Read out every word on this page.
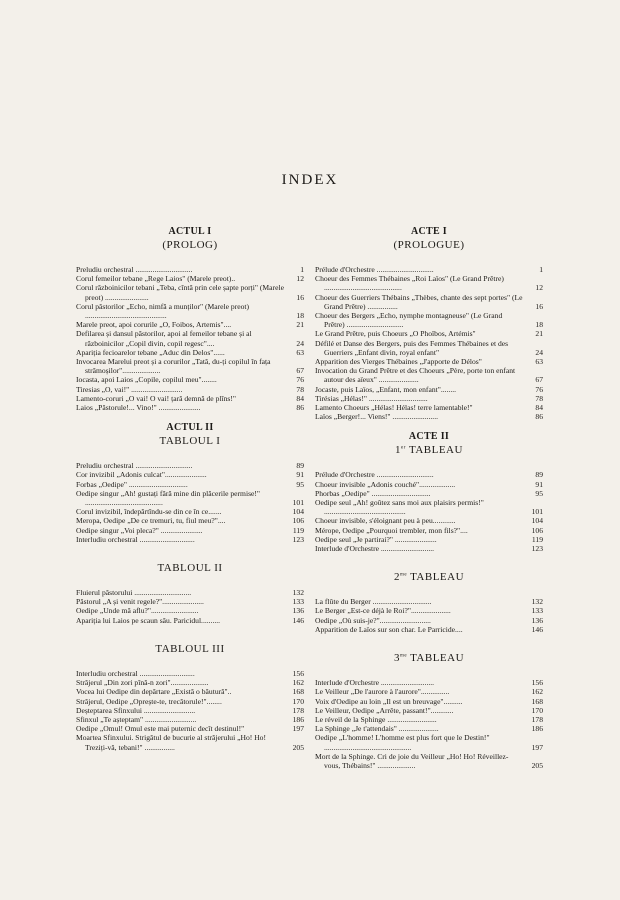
INDEX
ACTUL I
(PROLOG)
Preludiu orchestral ..............................	1
Corul femeilor tebane „Rege Laios" (Marele preot)..	12
Corul războinicilor tebani „Teba, cîntă prin cele șapte porți" (Marele preot) .......................	16
Corul păstorilor „Echo, nimfă a munților" (Marele preot) ...........................................	18
Marele preot, apoi corurile „O, Foibos, Artemis"....	21
Defilarea și dansul păstorilor, apoi al femeilor tebane și al războinicilor „Copil divin, copil regesc"....	24
Apariția fecioarelor tebane „Aduc din Delos"......	63
Invocarea Marelui preot și a corurilor „Tată, du-ți copilul în fața strămoșilor"....................	67
Iocasta, apoi Laios „Copile, copilul meu"........	76
Tiresias „O, vai!" ...........................	78
Lamento-coruri „O vai! O vai! țară demnă de plîns!"	84
Laios „Păstorule!... Vino!" ......................	86
ACTUL II
TABLOUL I
Preludiu orchestral ..............................	89
Cor invizibil „Adonis culcat"......................	91
Forbas „Oedipe" ...............................	95
Oedipe singur „Ah! gustați fără mine din plăcerile permise!" .........................................	101
Corul invizibil, îndepărtîndu-se din ce în ce.......	104
Meropa, Oedipe „De ce tremuri, tu, fiul meu?"....	106
Oedipe singur „Voi pleca?" ......................	119
Interludiu orchestral .............................	123
TABLOUL II
Fluierul păstorului ..............................	132
Păstorul „A și venit regele?"......................	133
Oedipe „Unde mă aflu?".........................	136
Apariția lui Laios pe scaun său. Paricidul..........	146
TABLOUL III
Interludiu orchestral .............................	156
Străjerul „Din zori pînă-n zori"....................	162
Vocea lui Oedipe din depărtare „Există o băutură"..	168
Străjerul, Oedipe „Oprește-te, trecătorule!"........	170
Deșteptarea Sfinxului ...........................	178
Sfinxul „Te așteptam" ...........................	186
Oedipe „Omul! Omul este mai puternic decît destinul!"	197
Moartea Sfinxului. Strigătul de bucurie al străjerului „Ho! Ho! Treziți-vă, tebani!" ................	205
ACTE I
(PROLOGUE)
Prélude d'Orchestre ..............................	1
Choeur des Femmes Thébaines „Roi Laïos" (Le Grand Prêtre) .........................................	12
Choeur des Guerriers Thébains „Thèbes, chante des sept portes" (Le Grand Prêtre) ................	16
Choeur des Bergers „Echo, nymphe montagneuse" (Le Grand Prêtre) ..............................	18
Le Grand Prêtre, puis Choeurs „O Phoïbos, Artémis"	21
Défilé et Danse des Bergers, puis des Femmes Thébaines et des Guerriers „Enfant divin, royal enfant"	24
Apparition des Vierges Thébaines „J'apporte de Délos"	63
Invocation du Grand Prêtre et des Choeurs „Père, porte ton enfant autour des aïeux" .....................	67
Jocaste, puis Laïos, „Enfant, mon enfant"........	76
Tirésias „Hélas!" ...............................	78
Lamento Choeurs „Hélas! Hélas! terre lamentable!"	84
Laïos „Berger!... Viens!" ........................	86
ACTE II
1er TABLEAU
Prélude d'Orchestre ..............................	89
Choeur invisible „Adonis couché"...................	91
Phorbas „Oedipe" ...............................	95
Oedipe seul „Ah! goûtez sans moi aux plaisirs permis!" ...........................................	101
Choeur invisible, s'éloignant peu à peu............	104
Mérope, Oedipe „Pourquoi trembler, mon fils?"....	106
Oedipe seul „Je partirai?" ......................	119
Interlude d'Orchestre ............................	123
$2^{me}$ TABLEAU
La flûte du Berger ...............................	132
Le Berger „Est-ce déjà le Roi?".....................	133
Oedipe „Où suis-je?"...........................	136
Apparition de Laïos sur son char. Le Parricide....	146
$3^{me}$ TABLEAU
Interlude d'Orchestre ............................	156
Le Veilleur „De l'aurore à l'aurore"...............	162
Voix d'Oedipe au loin „Il est un breuvage"..........	168
Le Veilleur, Oedipe „Arrête, passant!"............	170
Le réveil de la Sphinge ..........................	178
La Sphinge „Je t'attendais" .....................	186
Oedipe „L'homme! L'homme est plus fort que le Destin!" ..............................................	197
Mort de la Sphinge. Cri de joie du Veilleur „Ho! Ho! Réveillez-vous, Thébains!" ....................	205
